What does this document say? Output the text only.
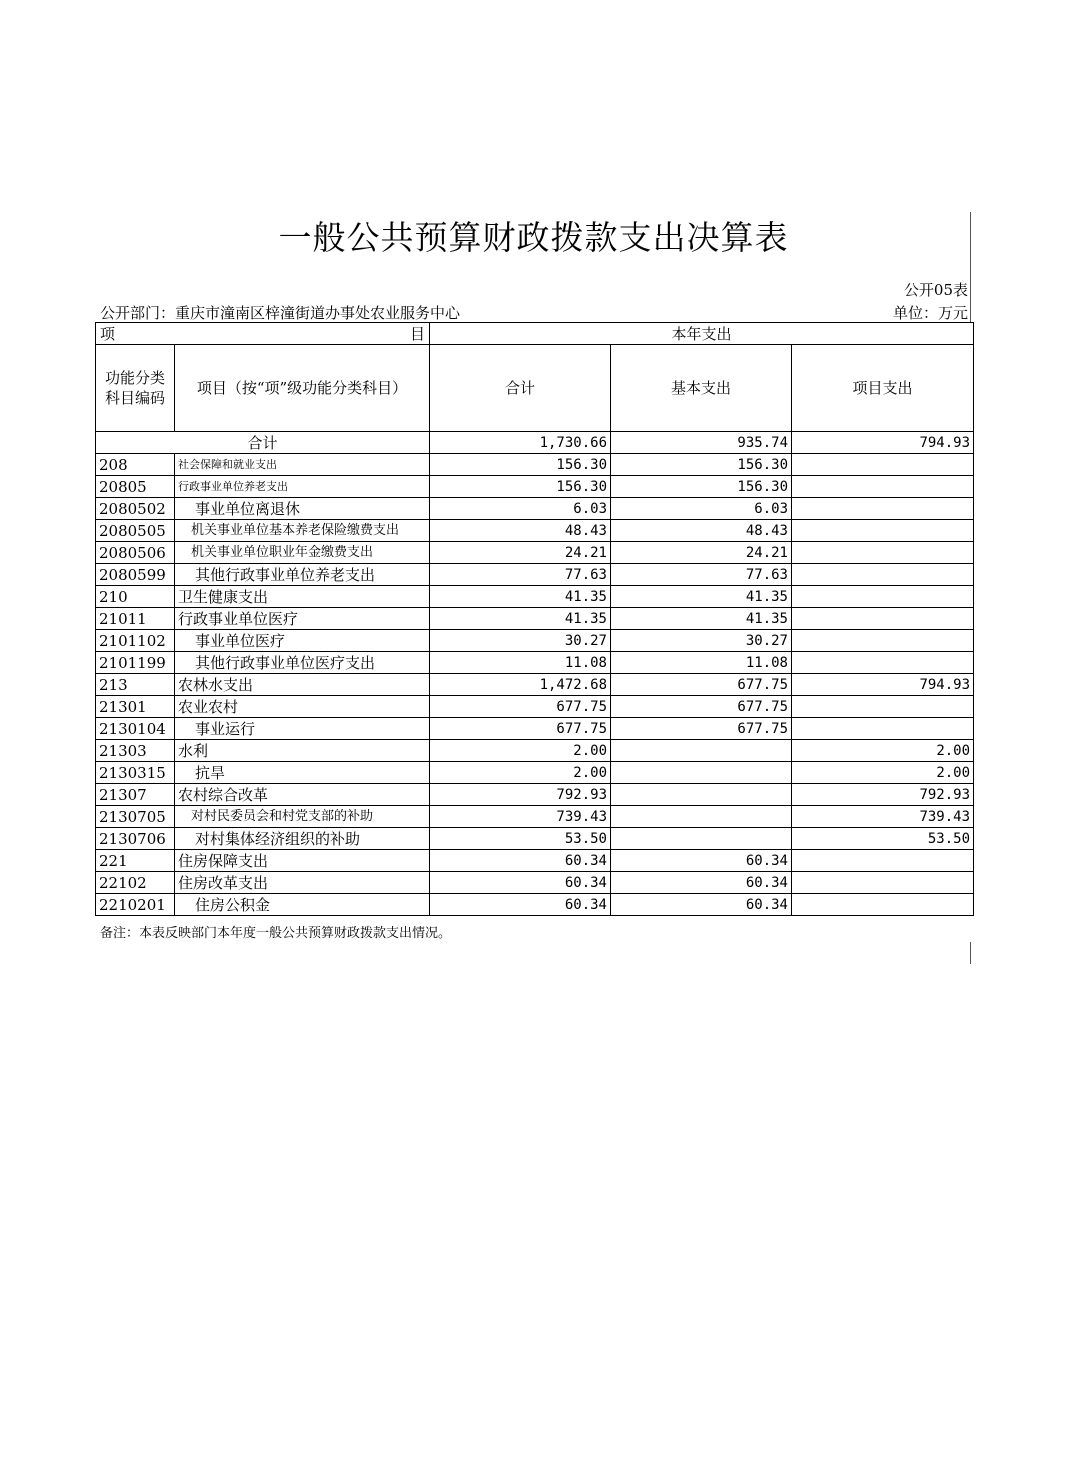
一般公共预算财政拨款支出决算表
公开05表
公开部门：重庆市潼南区梓潼街道办事处农业服务中心	单位：万元
项 目		本年支出		
功能分类科目编码	项目（按“项”级功能分类科目）	合计	基本支出	项目支出
合计		1,730.66	935.74	794.93
208	社会保障和就业支出	156.30	156.30	
20805	行政事业单位养老支出	156.30	156.30	
2080502	事业单位离退休	6.03	6.03	
2080505	机关事业单位基本养老保险缴费支出	48.43	48.43	
2080506	机关事业单位职业年金缴费支出	24.21	24.21	
2080599	其他行政事业单位养老支出	77.63	77.63	
210	卫生健康支出	41.35	41.35	
21011	行政事业单位医疗	41.35	41.35	
2101102	事业单位医疗	30.27	30.27	
2101199	其他行政事业单位医疗支出	11.08	11.08	
213	农林水支出	1,472.68	677.75	794.93
21301	农业农村	677.75	677.75	
2130104	事业运行	677.75	677.75	
21303	水利	2.00		2.00
2130315	抗旱	2.00		2.00
21307	农村综合改革	792.93		792.93
2130705	对村民委员会和村党支部的补助	739.43		739.43
2130706	对村集体经济组织的补助	53.50		53.50
221	住房保障支出	60.34	60.34	
22102	住房改革支出	60.34	60.34	
2210201	住房公积金	60.34	60.34	
备注：本表反映部门本年度一般公共预算财政拨款支出情况。
